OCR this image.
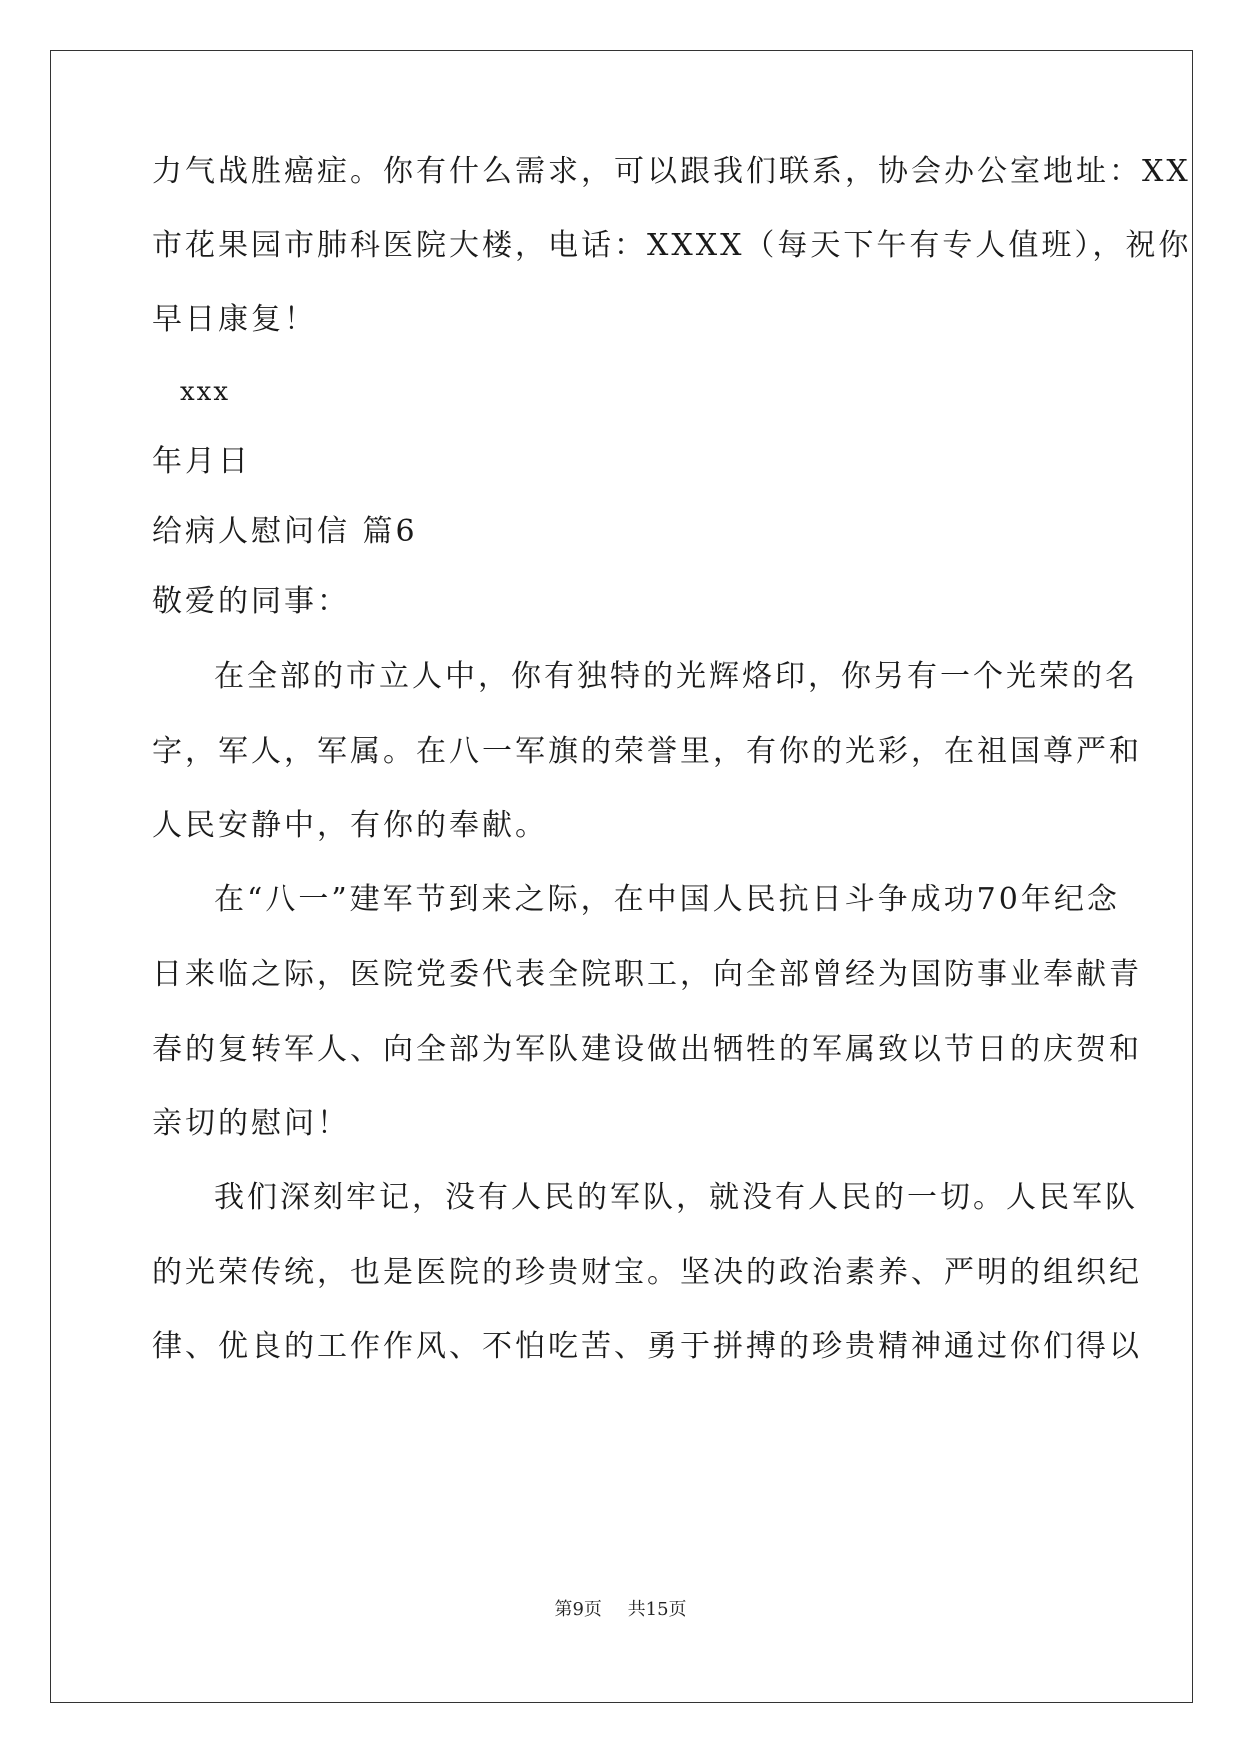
力气战胜癌症。你有什么需求，可以跟我们联系，协会办公室地址：XX
市花果园市肺科医院大楼，电话：XXXX（每天下午有专人值班），祝你
早日康复！
xxx
年月日
给病人慰问信 篇6
敬爱的同事：
在全部的市立人中，你有独特的光辉烙印，你另有一个光荣的名
字，军人，军属。在八一军旗的荣誉里，有你的光彩，在祖国尊严和
人民安静中，有你的奉献。
在“八一”建军节到来之际，在中国人民抗日斗争成功70年纪念
日来临之际，医院党委代表全院职工，向全部曾经为国防事业奉献青
春的复转军人、向全部为军队建设做出牺牲的军属致以节日的庆贺和
亲切的慰问！
我们深刻牢记，没有人民的军队，就没有人民的一切。人民军队
的光荣传统，也是医院的珍贵财宝。坚决的政治素养、严明的组织纪
律、优良的工作作风、不怕吃苦、勇于拼搏的珍贵精神通过你们得以
第9页 共15页
